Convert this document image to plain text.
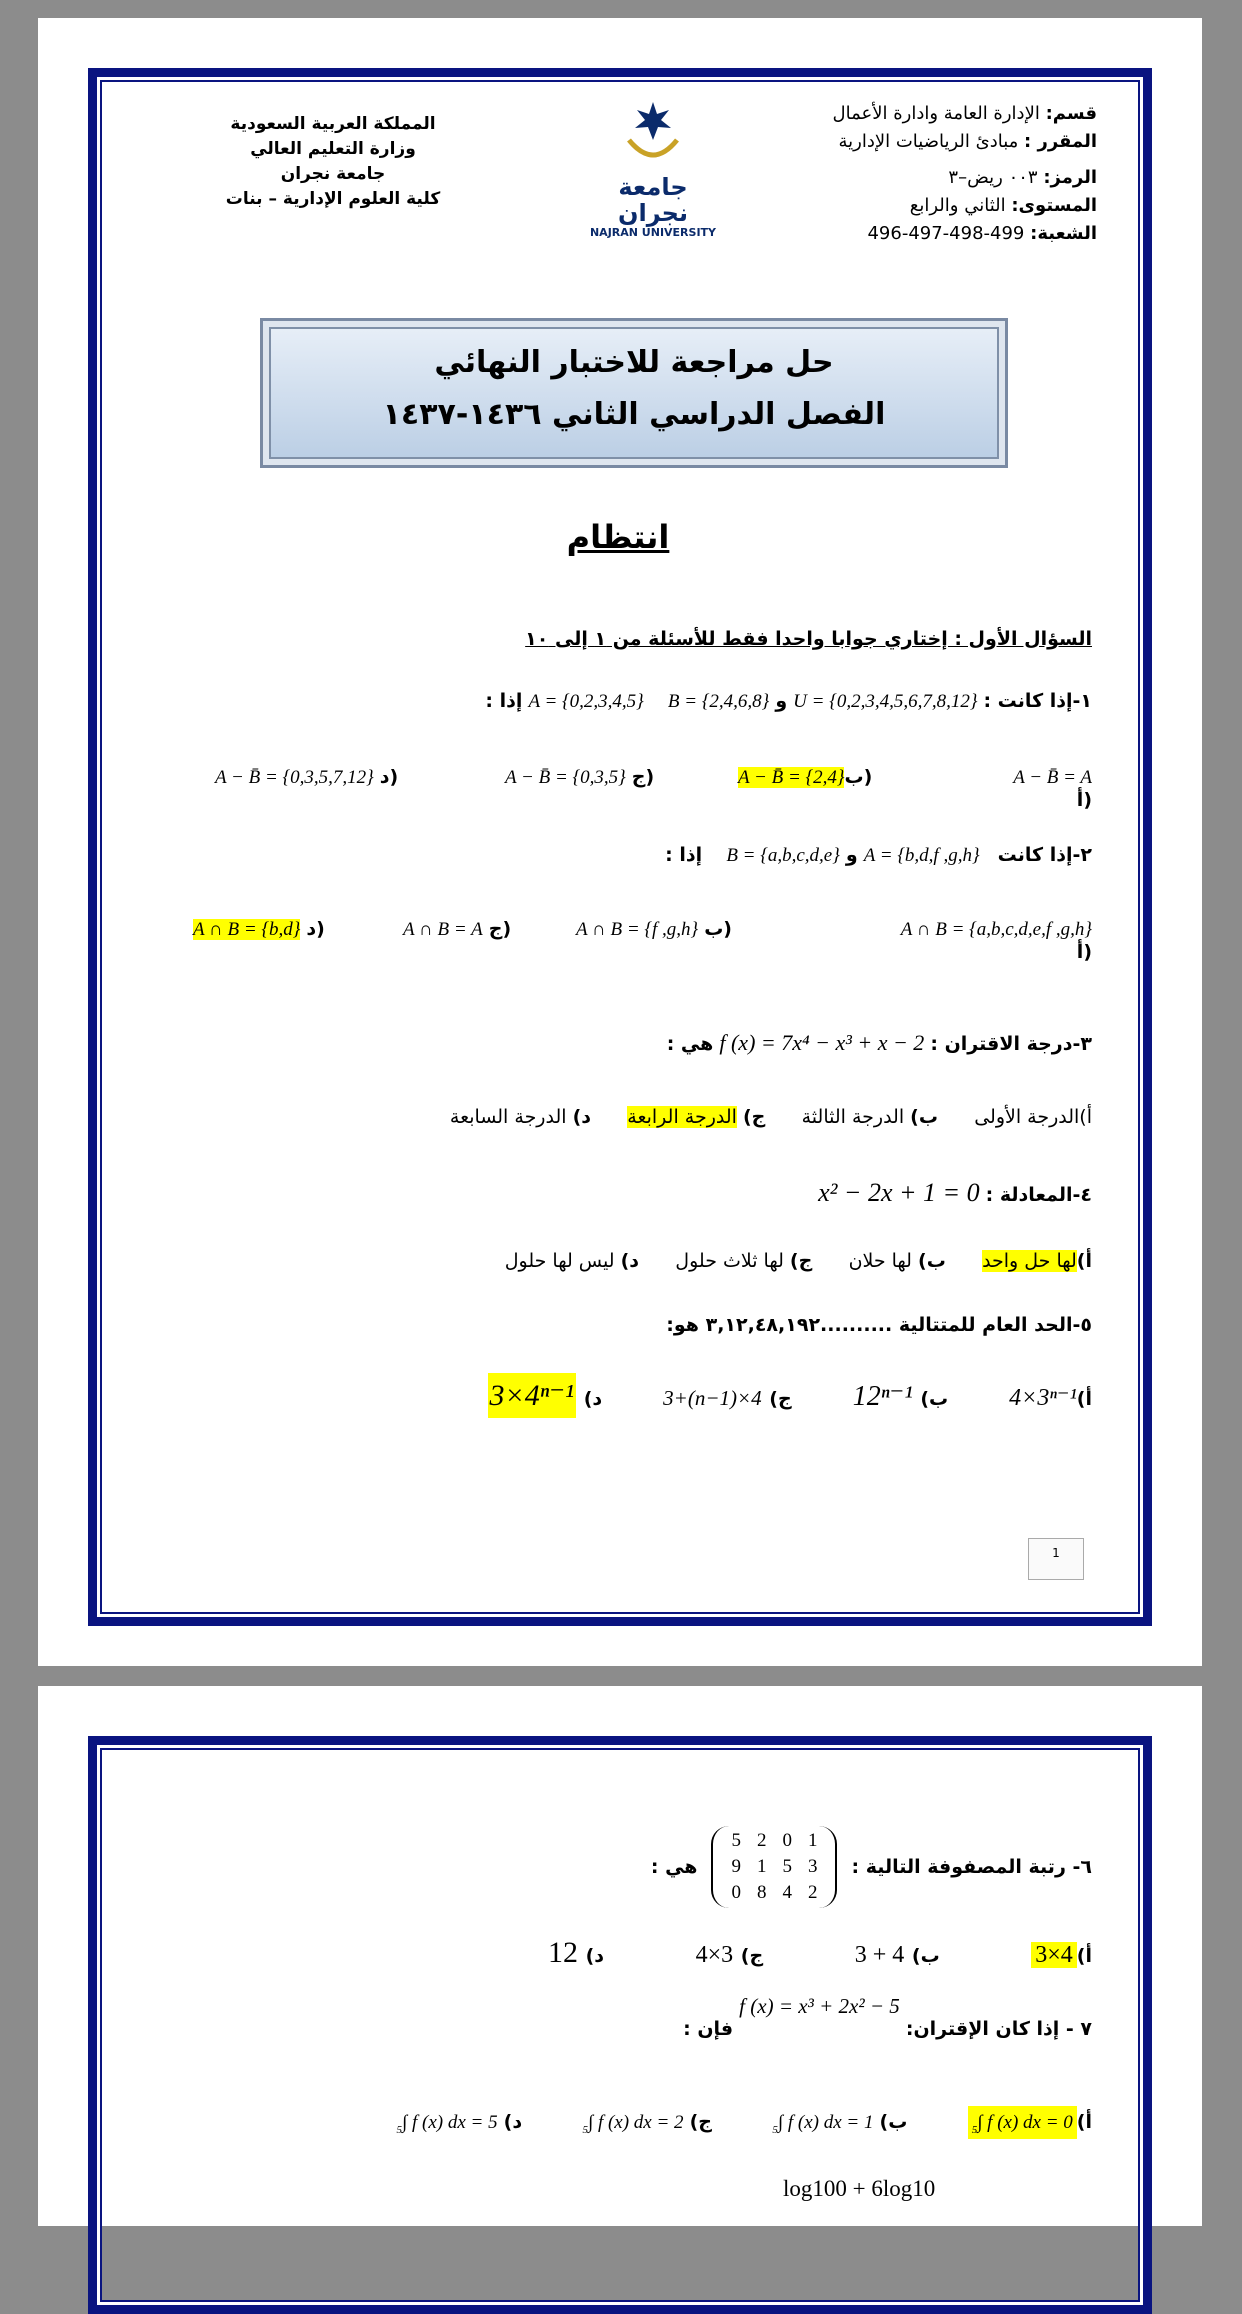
قسم: الإدارة العامة وادارة الأعمال
المقرر : مبادئ الرياضيات الإدارية
الرمز: ٠٠٣ ريض–٣
المستوى: الثاني والرابع
الشعبة: 499-498-497-496
جامعة نجران
NAJRAN UNIVERSITY
المملكة العربية السعودية
وزارة التعليم العالي
جامعة نجران
كلية العلوم الإدارية – بنات
حل مراجعة للاختبار النهائي
الفصل الدراسي الثاني ١٤٣٦-١٤٣٧
انتظام
السؤال الأول : إختاري جوابا واحدا فقط للأسئلة من ١ إلى ١٠
١-إذا كانت : U = {0,2,3,4,5,6,7,8,12} و B = {2,4,6,8}    A = {0,2,3,4,5} إذا :
A − B̄ = A
أ)
A − B̄ = {2,4}ب)
A − B̄ = {0,3,5} ج)
A − B̄ = {0,3,5,7,12} د)
٢-إذا كانت   A = {b,d,f ,g,h} و B = {a,b,c,d,e}    إذا :
A ∩ B = {a,b,c,d,e,f ,g,h}
أ)
A ∩ B = {f ,g,h} ب)
A ∩ B = A ج)
A ∩ B = {b,d} د)
٣-درجة الاقتران : f (x) = 7x⁴ − x³ + x − 2 هي :
أ)الدرجة الأولى      ب) الدرجة الثالثة      ج) الدرجة الرابعة      د) الدرجة السابعة
٤-المعادلة : x² − 2x + 1 = 0
أ)لها حل واحد      ب) لها حلان      ج) لها ثلاث حلول      د) ليس لها حلول
٥-الحد العام للمتتالية ..........٣,١٢,٤٨,١٩٢ هو:
أ)4×3ⁿ⁻¹        ب) 12ⁿ⁻¹        ج) 3+(n−1)×4        د) 3×4ⁿ⁻¹
1
٦- رتبة المصفوفة التالية :
5	2	0	1
9	1	5	3
0	8	4	2
هي :
أ)3×4            ب) 3 + 4            ج) 4×3            د) 12
٧ - إذا كان الإقتران: f (x) = x³ + 2x² − 5 فإن :
$أ)_5\int$ f (x) dx = 0          ب) $_5$∫ f (x) dx = 1          ج) $_5$∫ f (x) dx = 2          د) $_5$∫ f (x) dx = 5
log100 + 6log10
